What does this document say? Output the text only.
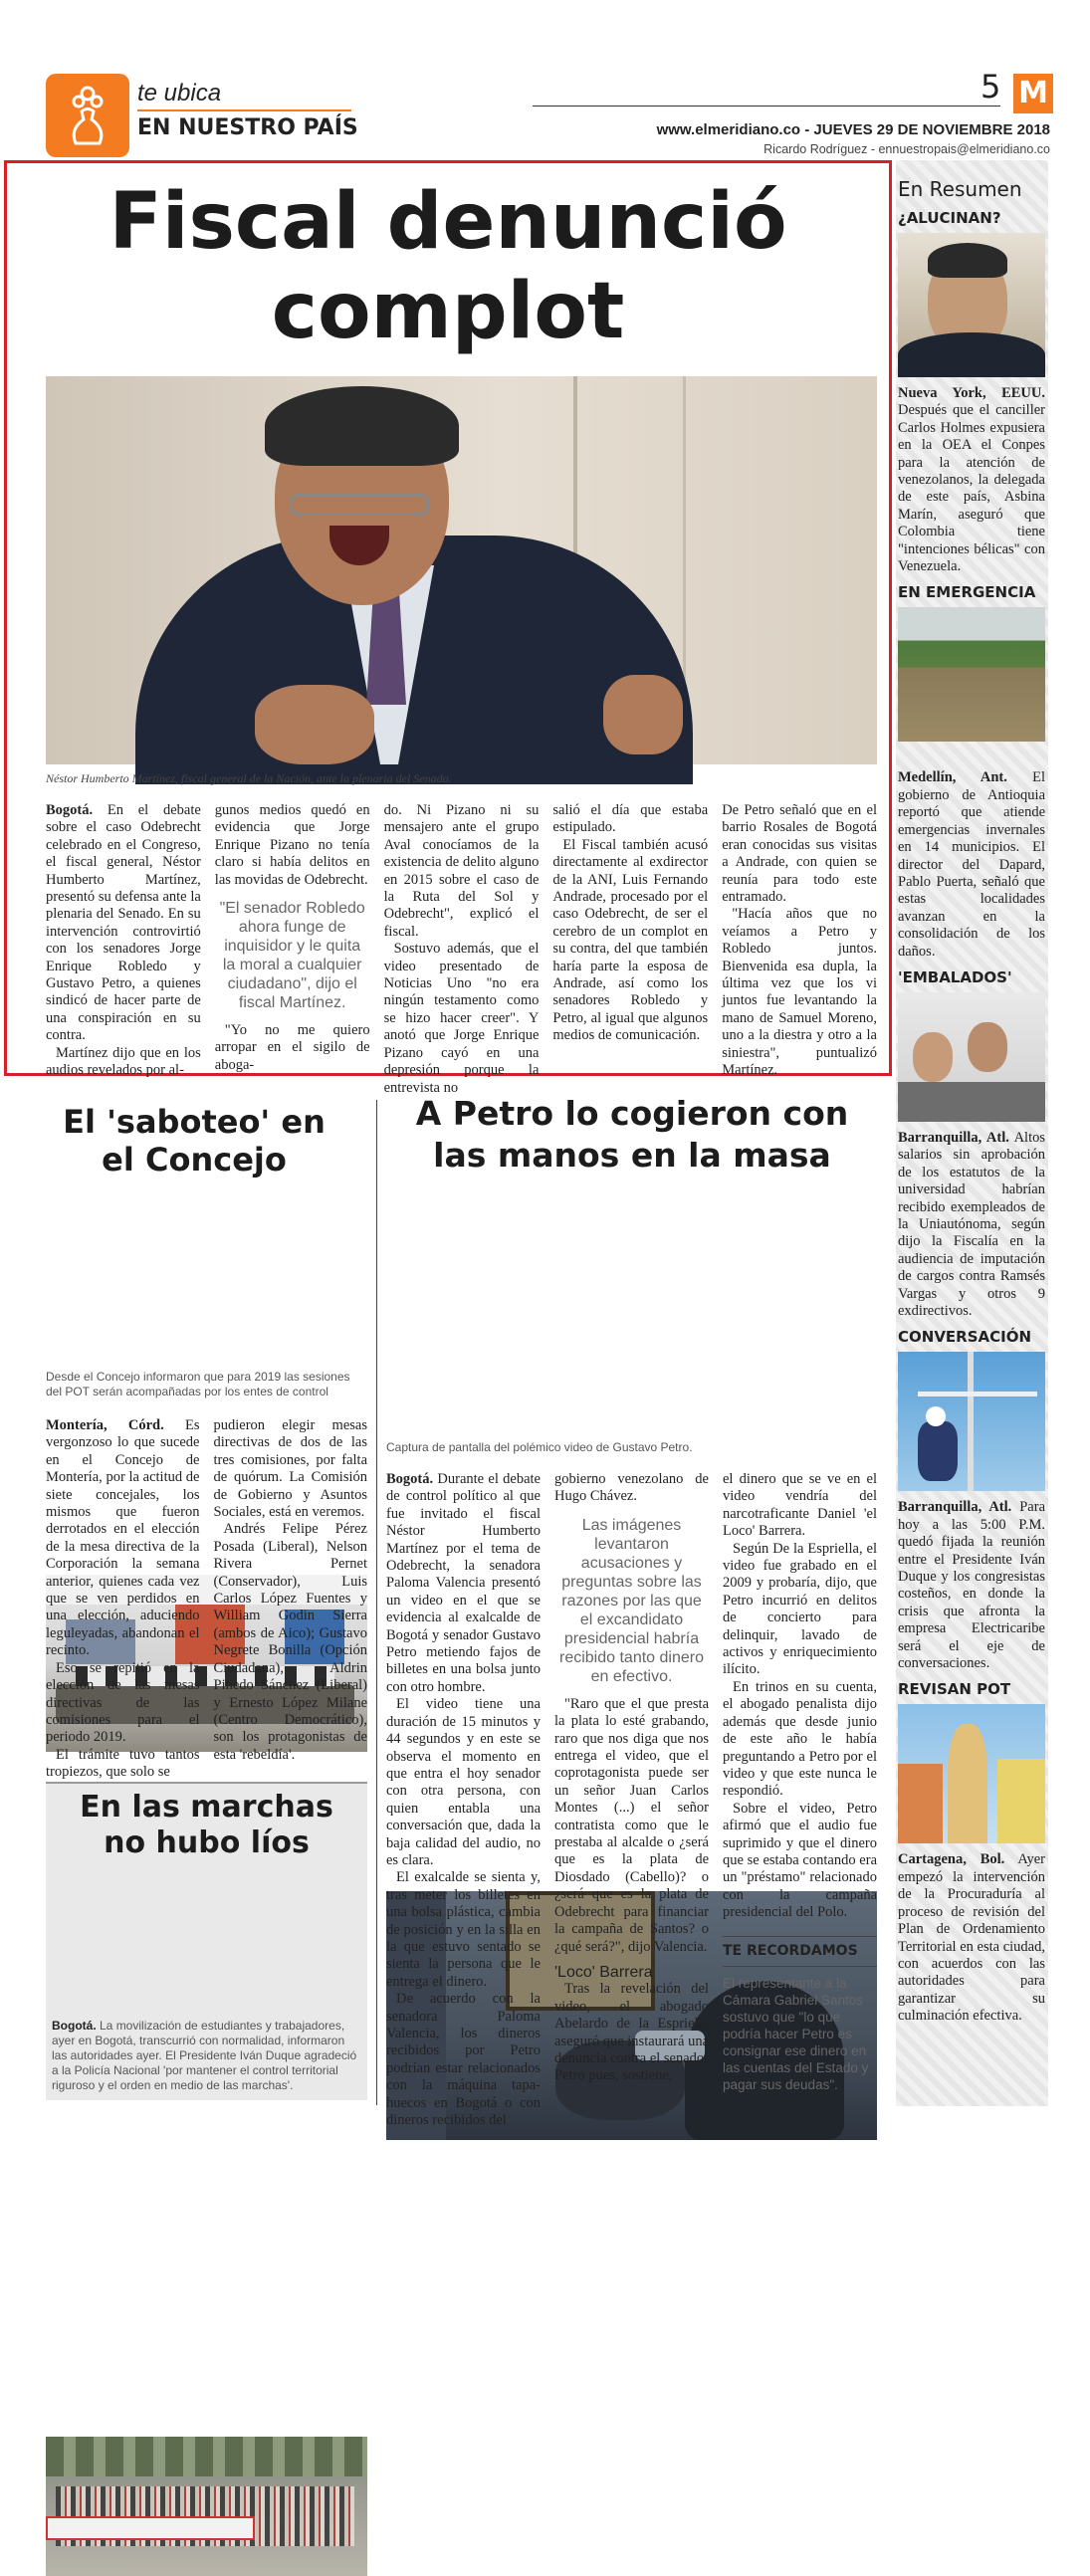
te ubica
EN NUESTRO PAÍS
5 M
www.elmeridiano.co - JUEVES 29 DE NOVIEMBRE 2018
Ricardo Rodríguez - ennuestropais@elmeridiano.co
Fiscal denunció
complot
Néstor Humberto Martínez, fiscal general de la Nación, ante la plenaria del Senado.

Bogotá. En el debate sobre el caso Odebrecht celebrado en el Congreso, el fiscal general, Néstor Humberto Martínez, presentó su defensa ante la plenaria del Senado. En su intervención controvirtió con los senadores Jorge Enrique Robledo y Gustavo Petro, a quienes sindicó de hacer parte de una conspiración en su contra.

Martínez dijo que en los audios revelados por al-

gunos medios quedó en evidencia que Jorge Enrique Pizano no tenía claro si había delitos en las movidas de Odebrecht.

"El senador Robledo ahora funge de inquisidor y le quita la moral a cualquier ciudadano", dijo el fiscal Martínez.

"Yo no me quiero arropar en el sigilo de aboga-

do. Ni Pizano ni su mensajero ante el grupo Aval conocíamos de la existencia de delito alguno en 2015 sobre el caso de la Ruta del Sol y Odebrecht", explicó el fiscal.

Sostuvo además, que el video presentado de Noticias Uno "no era ningún testamento como se hizo hacer creer". Y anotó que Jorge Enrique Pizano cayó en una depresión porque la entrevista no

salió el día que estaba estipulado.

El Fiscal también acusó directamente al exdirector de la ANI, Luis Fernando Andrade, procesado por el caso Odebrecht, de ser el cerebro de un complot en su contra, del que también haría parte la esposa de Andrade, así como los senadores Robledo y Petro, al igual que algunos medios de comunicación.

De Petro señaló que en el barrio Rosales de Bogotá eran conocidas sus visitas a Andrade, con quien se reunía para todo este entramado.

"Hacía años que no veíamos a Petro y Robledo juntos. Bienvenida esa dupla, la última vez que los vi juntos fue levantando la mano de Samuel Moreno, uno a la diestra y otro a la siniestra", puntualizó Martínez.

El 'saboteo' en el Concejo
Desde el Concejo informaron que para 2019 las sesiones del POT serán acompañadas por los entes de control

Montería, Córd. Es vergonzoso lo que sucede en el Concejo de Montería, por la actitud de siete concejales, los mismos que fueron derrotados en el elección de la mesa directiva de la Corporación la semana anterior, quienes cada vez que se ven perdidos en una elección, aduciendo leguleyadas, abandonan el recinto.

Eso se repitió en la elección de las mesas directivas de las comisiones para el periodo 2019.

El trámite tuvo tantos tropiezos, que solo se

pudieron elegir mesas directivas de dos de las tres comisiones, por falta de quórum. La Comisión de Gobierno y Asuntos Sociales, está en veremos.

Andrés Felipe Pérez Posada (Liberal), Nelson Rivera Pernet (Conservador), Luis Carlos López Fuentes y William Godin Sierra (ambos de Aico); Gustavo Negrete Bonilla (Opción Ciudadana), Aldrin Pinedo Sánchez (Liberal) y Ernesto López Milane (Centro Democrático), son los protagonistas de esta 'rebeldía'.

En las marchas no hubo líos
Bogotá. La movilización de estudiantes y trabajadores, ayer en Bogotá, transcurrió con normalidad, informaron las autoridades ayer. El Presidente Iván Duque agradeció a la Policía Nacional 'por mantener el control territorial riguroso y el orden en medio de las marchas'.
A Petro lo cogieron con las manos en la masa
Captura de pantalla del polémico video de Gustavo Petro.

Bogotá. Durante el debate de control político al que fue invitado el fiscal Néstor Humberto Martínez por el tema de Odebrecht, la senadora Paloma Valencia presentó un video en el que se evidencia al exalcalde de Bogotá y senador Gustavo Petro metiendo fajos de billetes en una bolsa junto con otro hombre.

El video tiene una duración de 15 minutos y 44 segundos y en este se observa el momento en que entra el hoy senador con otra persona, con quien entabla una conversación que, dada la baja calidad del audio, no es clara.

El exalcalde se sienta y, tras meter los billetes en una bolsa plástica, cambia de posición y en la silla en la que estuvo sentado se sienta la persona que le entrega el dinero.

De acuerdo con la senadora Paloma Valencia, los dineros recibidos por Petro podrían estar relacionados con la máquina tapa-huecos en Bogotá o con dineros recibidos del

gobierno venezolano de Hugo Chávez.

Las imágenes levantaron acusaciones y preguntas sobre las razones por las que el excandidato presidencial habría recibido tanto dinero en efectivo.

"Raro que el que presta la plata lo esté grabando, raro que nos diga que nos entrega el video, que el coprotagonista puede ser un señor Juan Carlos Montes (...) el señor contratista como que le prestaba al alcalde o ¿será que es la plata de Diosdado (Cabello)? o ¿será que es la plata de Odebrecht para financiar la campaña de Santos? o ¿qué será?", dijo Valencia.

'Loco' Barrera

Tras la revelación del video, el abogado Abelardo de la Espriella aseguró que instaurará una denuncia contra el senador Petro pues, sostiene,

el dinero que se ve en el video vendría del narcotraficante Daniel 'el Loco' Barrera.

Según De la Espriella, el video fue grabado en el 2009 y probaría, dijo, que Petro incurrió en delitos de concierto para delinquir, lavado de activos y enriquecimiento ilícito.

En trinos en su cuenta, el abogado penalista dijo además que desde junio de este año le había preguntando a Petro por el video y que este nunca le respondió.

Sobre el video, Petro afirmó que el audio fue suprimido y que el dinero que se estaba contando era un "préstamo" relacionado con la campaña presidencial del Polo.

TE RECORDAMOS

El representante a la Cámara Gabriel Santos sostuvo que "lo que podría hacer Petro es consignar ese dinero en las cuentas del Estado y pagar sus deudas".

En Resumen
¿ALUCINAN?

Nueva York, EEUU. Después que el canciller Carlos Holmes expusiera en la OEA el Conpes para la atención de venezolanos, la delegada de este país, Asbina Marín, aseguró que Colombia tiene "intenciones bélicas" con Venezuela.

EN EMERGENCIA

Medellín, Ant. El gobierno de Antioquia reportó que atiende emergencias invernales en 14 municipios. El director del Dapard, Pablo Puerta, señaló que estas localidades avanzan en la consolidación de los daños.

'EMBALADOS'

Barranquilla, Atl. Altos salarios sin aprobación de los estatutos de la universidad habrían recibido exempleados de la Uniautónoma, según dijo la Fiscalía en la audiencia de imputación de cargos contra Ramsés Vargas y otros 9 exdirectivos.

CONVERSACIÓN

Barranquilla, Atl. Para hoy a las 5:00 P.M. quedó fijada la reunión entre el Presidente Iván Duque y los congresistas costeños, en donde la crisis que afronta la empresa Electricaribe será el eje de conversaciones.

REVISAN POT

Cartagena, Bol. Ayer empezó la intervención de la Procuraduría al proceso de revisión del Plan de Ordenamiento Territorial en esta ciudad, con acuerdos con las autoridades para garantizar su culminación efectiva.
